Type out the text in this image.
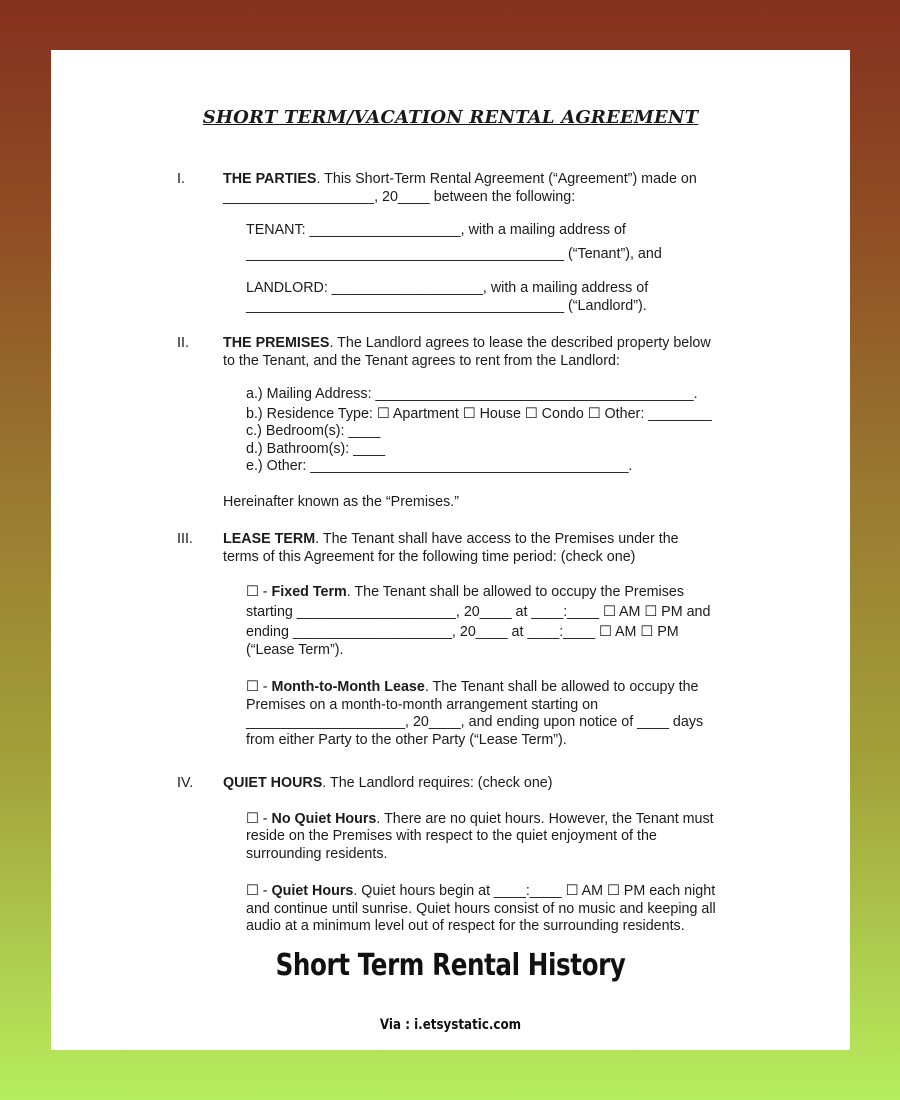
SHORT TERM/VACATION RENTAL AGREEMENT
I.	THE PARTIES. This Short-Term Rental Agreement (“Agreement”) made on

___________________, 20____ between the following:

TENANT: ___________________, with a mailing address of

________________________________________ (“Tenant”), and

LANDLORD: ___________________, with a mailing address of

________________________________________ (“Landlord”).

II. THE PREMISES. The Landlord agrees to lease the described property below

to the Tenant, and the Tenant agrees to rent from the Landlord:

a.) Mailing Address: ________________________________________.

b.) Residence Type: ☐ Apartment ☐ House ☐ Condo ☐ Other: ________

c.) Bedroom(s): ____

d.) Bathroom(s): ____

e.) Other: ________________________________________.

Hereinafter known as the “Premises.”

III. LEASE TERM. The Tenant shall have access to the Premises under the

terms of this Agreement for the following time period: (check one)

☐ - Fixed Term. The Tenant shall be allowed to occupy the Premises

starting ____________________, 20____ at ____:____ ☐ AM ☐ PM and

ending ____________________, 20____ at ____:____ ☐ AM ☐ PM

(“Lease Term”).

☐ - Month-to-Month Lease. The Tenant shall be allowed to occupy the

Premises on a month-to-month arrangement starting on

____________________, 20____, and ending upon notice of ____ days

from either Party to the other Party (“Lease Term”).

IV. QUIET HOURS. The Landlord requires: (check one)

☐ - No Quiet Hours. There are no quiet hours. However, the Tenant must

reside on the Premises with respect to the quiet enjoyment of the

surrounding residents.

☐ - Quiet Hours. Quiet hours begin at ____:____ ☐ AM ☐ PM each night

and continue until sunrise. Quiet hours consist of no music and keeping all

audio at a minimum level out of respect for the surrounding residents.

Short Term Rental History
Via : i.etsystatic.com
